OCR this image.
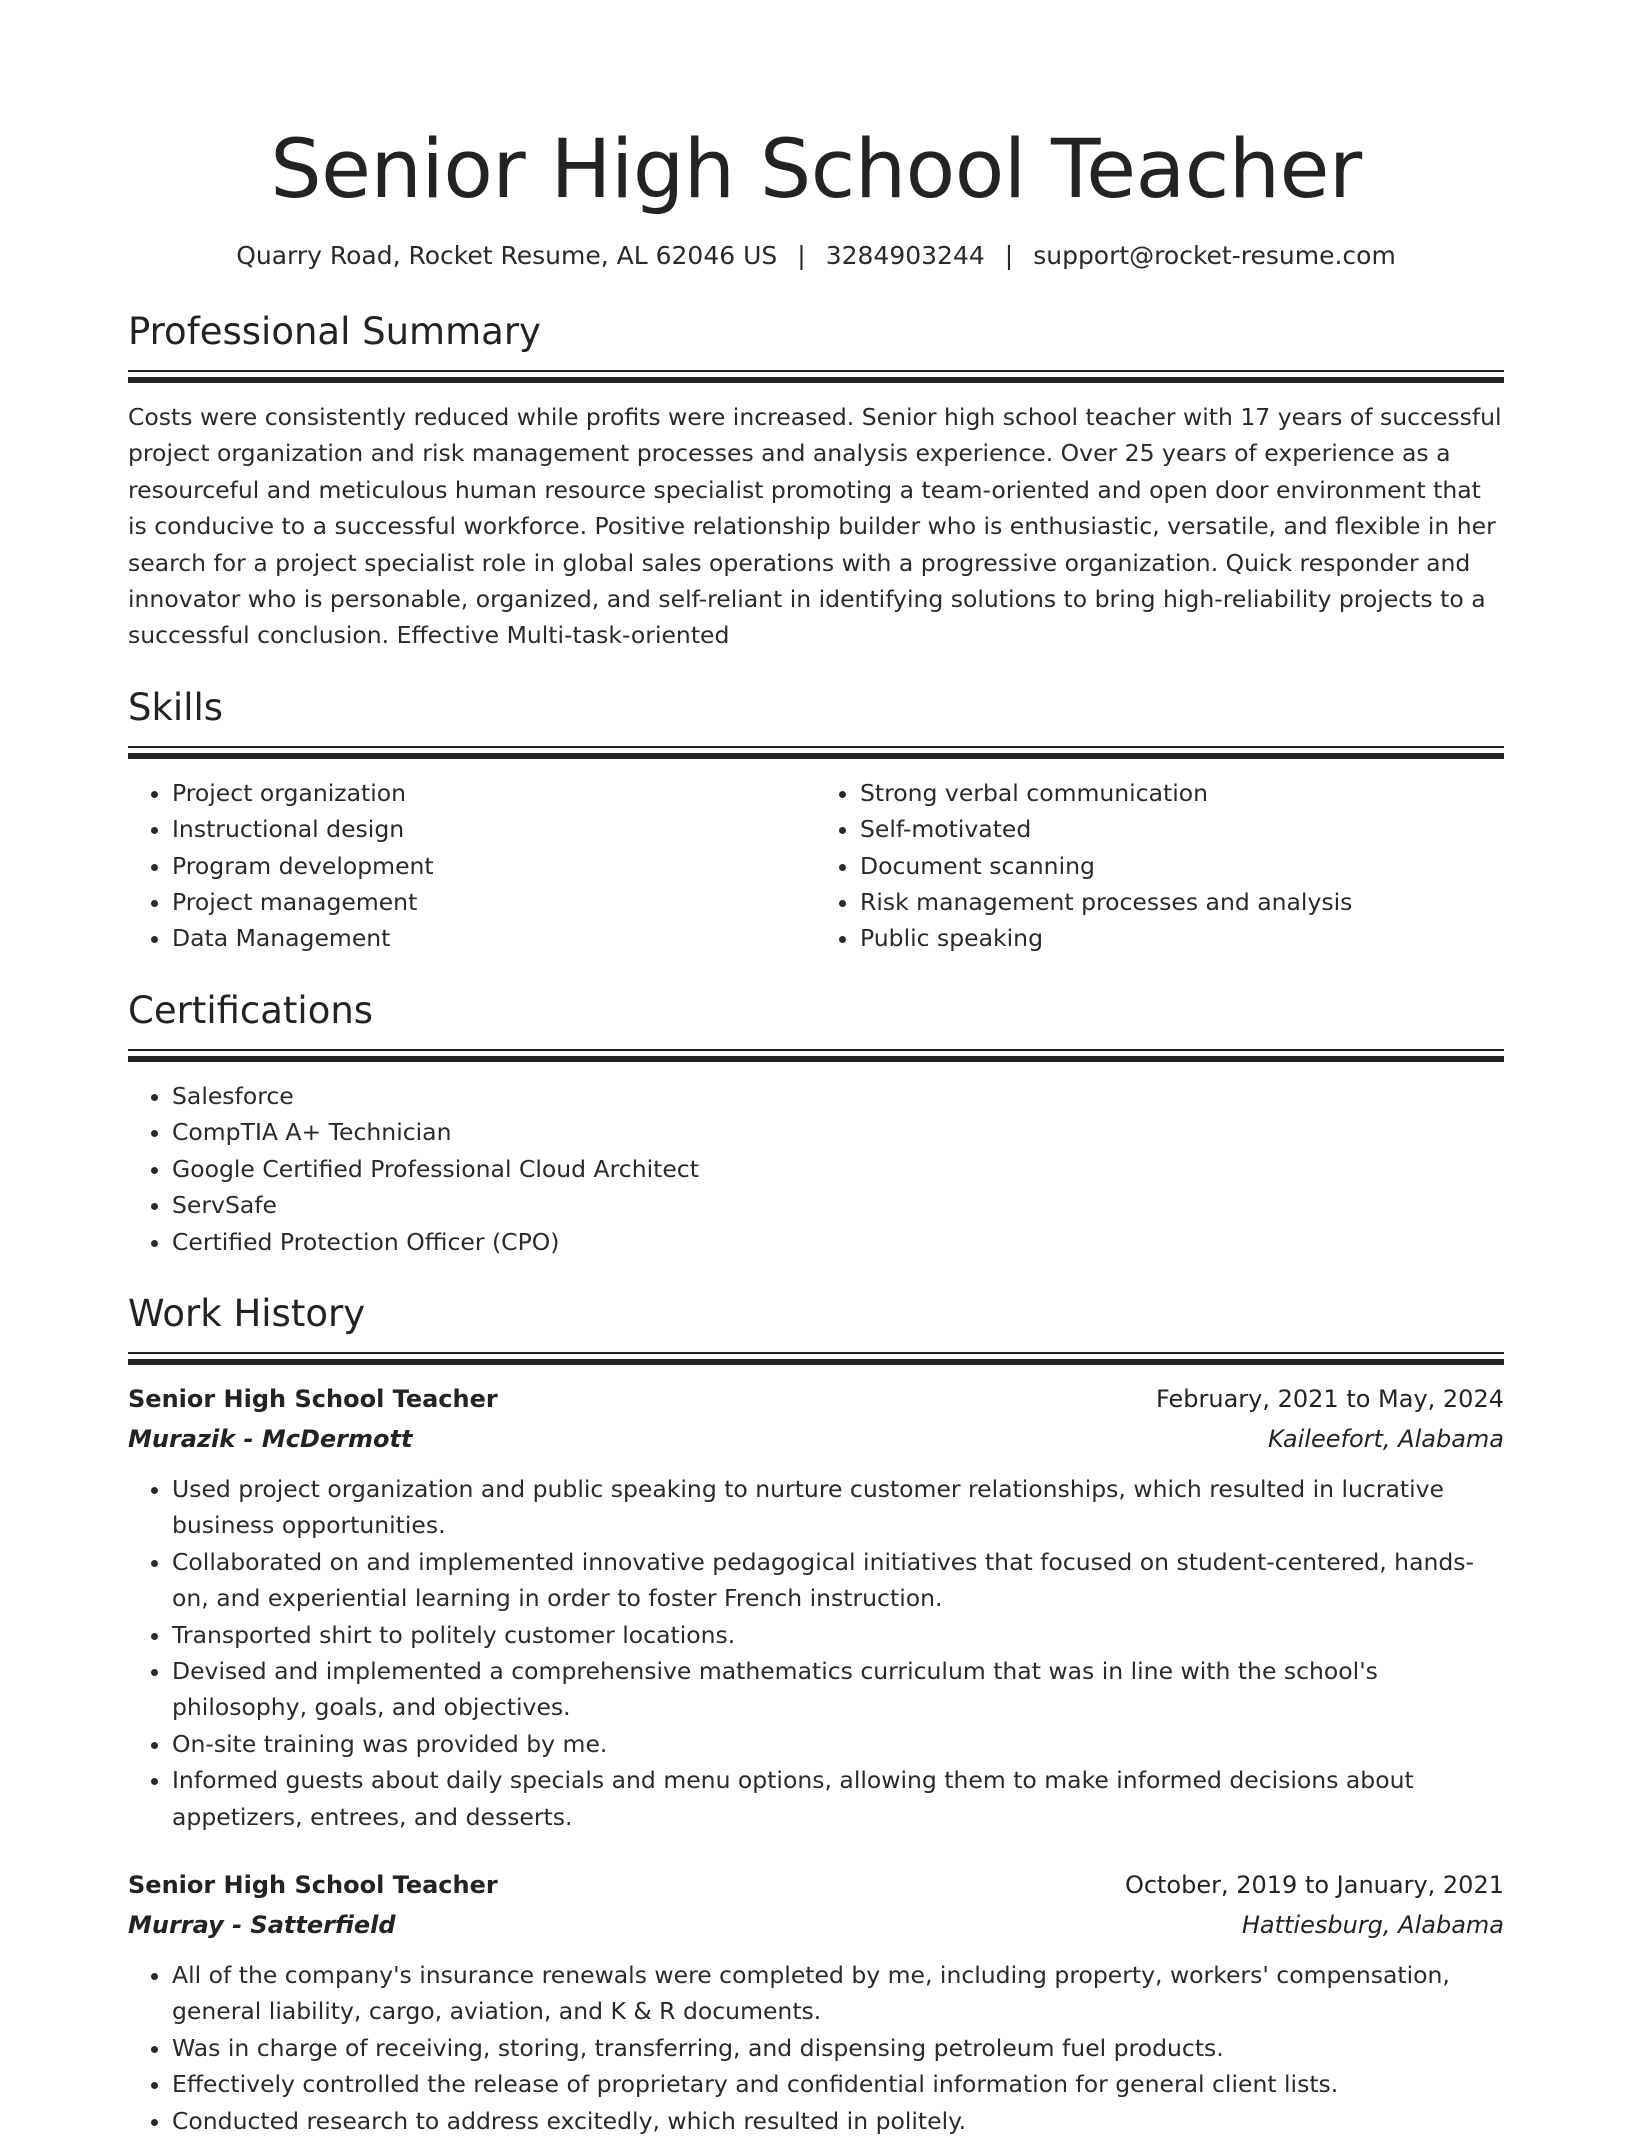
Senior High School Teacher
Quarry Road, Rocket Resume, AL 62046 US | 3284903244 | support@rocket-resume.com
Professional Summary
Costs were consistently reduced while profits were increased. Senior high school teacher with 17 years of successful project organization and risk management processes and analysis experience. Over 25 years of experience as a resourceful and meticulous human resource specialist promoting a team-oriented and open door environment that is conducive to a successful workforce. Positive relationship builder who is enthusiastic, versatile, and flexible in her search for a project specialist role in global sales operations with a progressive organization. Quick responder and innovator who is personable, organized, and self-reliant in identifying solutions to bring high-reliability projects to a successful conclusion. Effective Multi-task-oriented
Skills
• Project organization
• Instructional design
• Program development
• Project management
• Data Management
• Strong verbal communication
• Self-motivated
• Document scanning
• Risk management processes and analysis
• Public speaking
Certifications
• Salesforce
• CompTIA A+ Technician
• Google Certified Professional Cloud Architect
• ServSafe
• Certified Protection Officer (CPO)
Work History
Senior High School Teacher	February, 2021 to May, 2024
Murazik - McDermott	Kaileefort, Alabama
• Used project organization and public speaking to nurture customer relationships, which resulted in lucrative business opportunities.
• Collaborated on and implemented innovative pedagogical initiatives that focused on student-centered, hands-on, and experiential learning in order to foster French instruction.
• Transported shirt to politely customer locations.
• Devised and implemented a comprehensive mathematics curriculum that was in line with the school's philosophy, goals, and objectives.
• On-site training was provided by me.
• Informed guests about daily specials and menu options, allowing them to make informed decisions about appetizers, entrees, and desserts.
Senior High School Teacher	October, 2019 to January, 2021
Murray - Satterfield	Hattiesburg, Alabama
• All of the company's insurance renewals were completed by me, including property, workers' compensation, general liability, cargo, aviation, and K & R documents.
• Was in charge of receiving, storing, transferring, and dispensing petroleum fuel products.
• Effectively controlled the release of proprietary and confidential information for general client lists.
• Conducted research to address excitedly, which resulted in politely.
